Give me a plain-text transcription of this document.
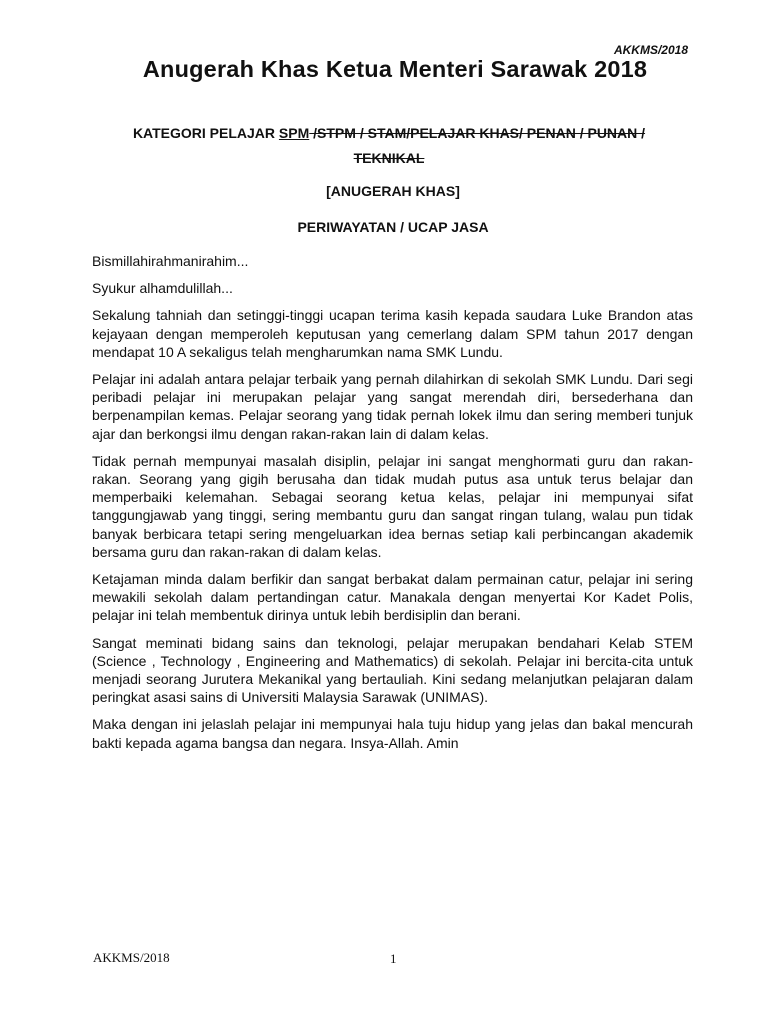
AKKMS/2018
Anugerah Khas Ketua Menteri Sarawak 2018
KATEGORI PELAJAR SPM /STPM / STAM/PELAJAR KHAS/ PENAN / PUNAN /
TEKNIKAL
[ANUGERAH KHAS]
PERIWAYATAN / UCAP JASA

Bismillahirahmanirahim...

Syukur alhamdulillah...

Sekalung tahniah dan setinggi-tinggi ucapan terima kasih kepada saudara Luke Brandon atas kejayaan dengan memperoleh keputusan yang cemerlang dalam SPM tahun 2017 dengan mendapat 10 A sekaligus telah mengharumkan nama SMK Lundu.

Pelajar ini adalah antara pelajar terbaik yang pernah dilahirkan di sekolah SMK Lundu. Dari segi peribadi pelajar ini merupakan pelajar yang sangat merendah diri, bersederhana dan berpenampilan kemas. Pelajar seorang yang tidak pernah lokek ilmu dan sering memberi tunjuk ajar dan berkongsi ilmu dengan rakan-rakan lain di dalam kelas.

Tidak pernah mempunyai masalah disiplin, pelajar ini sangat menghormati guru dan rakan-rakan. Seorang yang gigih berusaha dan tidak mudah putus asa untuk terus belajar dan memperbaiki kelemahan. Sebagai seorang ketua kelas, pelajar ini mempunyai sifat tanggungjawab yang tinggi, sering membantu guru dan sangat ringan tulang, walau pun tidak banyak berbicara tetapi sering mengeluarkan idea bernas setiap kali perbincangan akademik bersama guru dan rakan-rakan di dalam kelas.

Ketajaman minda dalam berfikir dan sangat berbakat dalam permainan catur, pelajar ini sering mewakili sekolah dalam pertandingan catur. Manakala dengan menyertai Kor Kadet Polis, pelajar ini telah membentuk dirinya untuk lebih berdisiplin dan berani.

Sangat meminati bidang sains dan teknologi, pelajar merupakan bendahari Kelab STEM (Science , Technology , Engineering and Mathematics) di sekolah. Pelajar ini bercita-cita untuk menjadi seorang Jurutera Mekanikal yang bertauliah. Kini sedang melanjutkan pelajaran dalam peringkat asasi sains di Universiti Malaysia Sarawak (UNIMAS).

Maka dengan ini jelaslah pelajar ini mempunyai hala tuju hidup yang jelas dan bakal mencurah bakti kepada agama bangsa dan negara. Insya-Allah. Amin

AKKMS/2018	1
